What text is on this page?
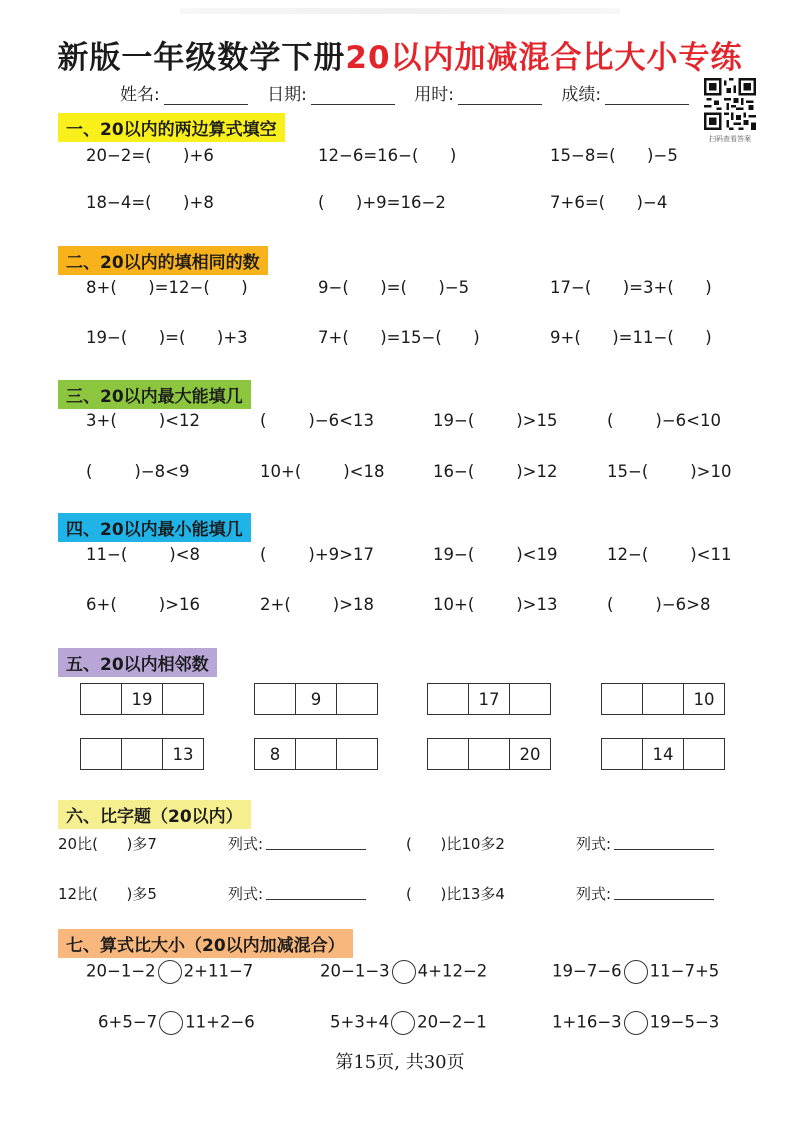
新版一年级数学下册20以内加减混合比大小专练
姓名:	日期:	用时:	成绩:
扫码查看答案
一、20以内的两边算式填空
20−2=(      )+6	12−6=16−(      )	15−8=(      )−5
18−4=(      )+8	(      )+9=16−2	7+6=(      )−4
二、20以内的填相同的数
8+(      )=12−(      )	9−(      )=(      )−5	17−(      )=3+(      )
19−(      )=(      )+3	7+(      )=15−(      )	9+(      )=11−(      )
三、20以内最大能填几
3+(        )<12	(        )−6<13	19−(        )>15	(        )−6<10
(        )−8<9	10+(        )<18	16−(        )>12	15−(        )>10
四、20以内最小能填几
11−(        )<8	(        )+9>17	19−(        )<19	12−(        )<11
6+(        )>16	2+(        )>18	10+(        )>13	(        )−6>8
五、20以内相邻数
19	9	17	10
13	8	20	14
六、比字题（20以内）
20比(      )多7	列式:	(      )比10多2	列式:
12比(      )多5	列式:	(      )比13多4	列式:
七、算式比大小（20以内加减混合）
20−1−2 2+11−7	20−1−3 4+12−2	19−7−6 11−7+5
6+5−7 11+2−6	5+3+4 20−2−1	1+16−3 19−5−3
第15页, 共30页
